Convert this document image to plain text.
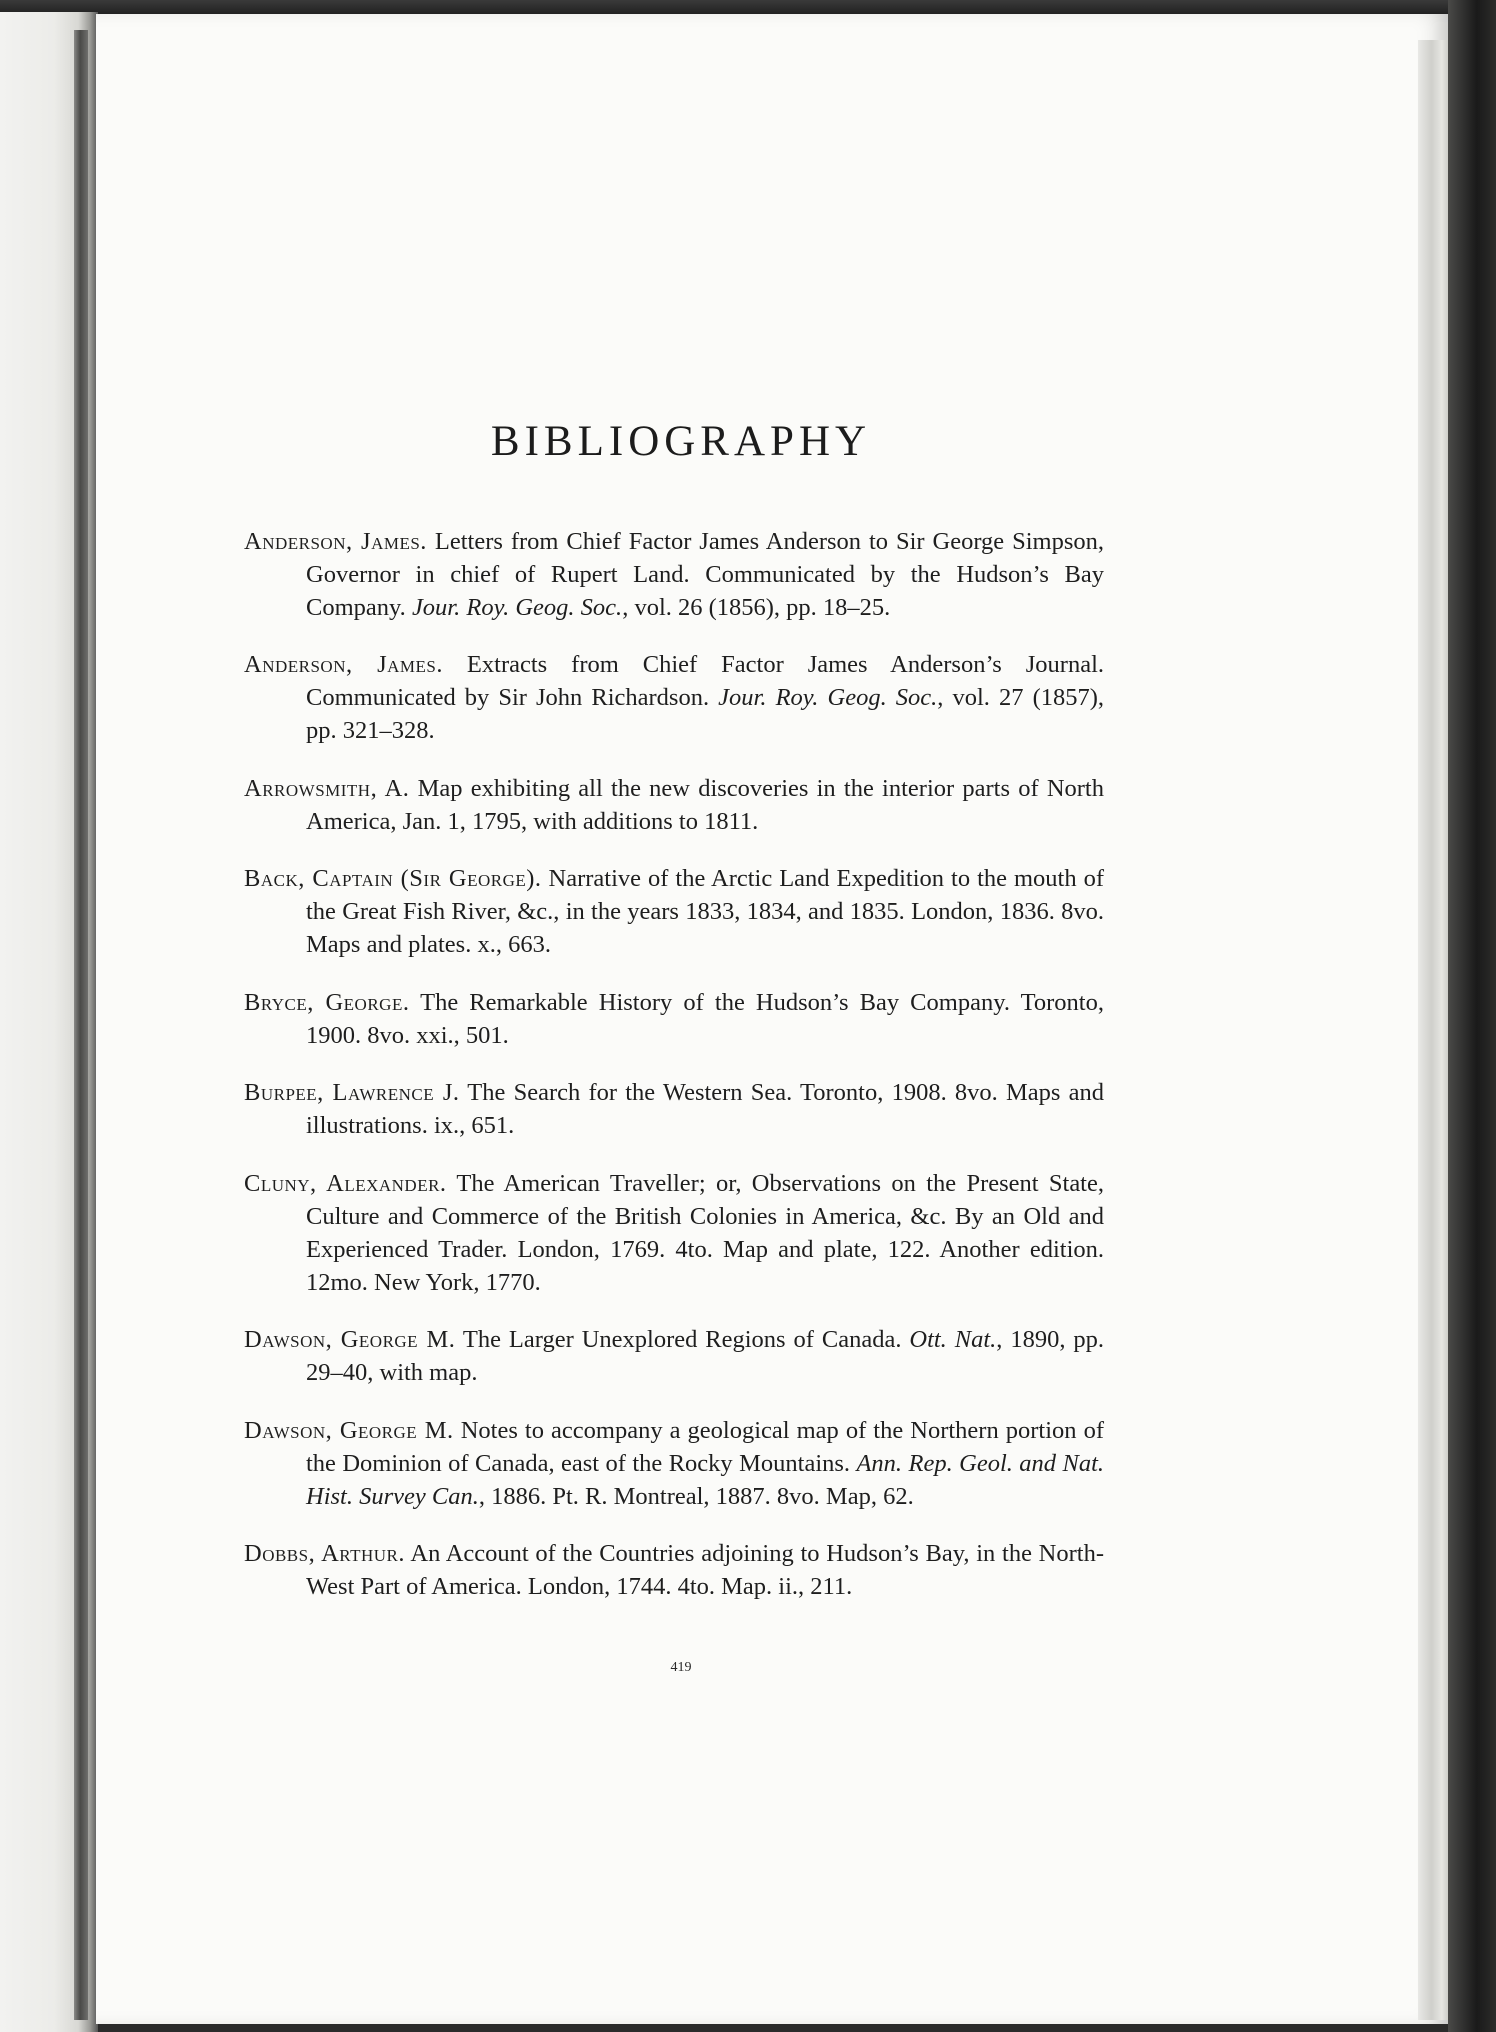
BIBLIOGRAPHY

Anderson, James. Letters from Chief Factor James Anderson to Sir George Simpson, Governor in chief of Rupert Land. Communicated by the Hudson’s Bay Company. Jour. Roy. Geog. Soc., vol. 26 (1856), pp. 18–25.

Anderson, James. Extracts from Chief Factor James Anderson’s Journal. Communicated by Sir John Richardson. Jour. Roy. Geog. Soc., vol. 27 (1857), pp. 321–328.

Arrowsmith, A. Map exhibiting all the new discoveries in the interior parts of North America, Jan. 1, 1795, with additions to 1811.

Back, Captain (Sir George). Narrative of the Arctic Land Expedition to the mouth of the Great Fish River, &c., in the years 1833, 1834, and 1835. London, 1836. 8vo. Maps and plates. x., 663.

Bryce, George. The Remarkable History of the Hudson’s Bay Company. Toronto, 1900. 8vo. xxi., 501.

Burpee, Lawrence J. The Search for the Western Sea. Toronto, 1908. 8vo. Maps and illustrations. ix., 651.

Cluny, Alexander. The American Traveller; or, Observations on the Present State, Culture and Commerce of the British Colonies in America, &c. By an Old and Experienced Trader. London, 1769. 4to. Map and plate, 122. Another edition. 12mo. New York, 1770.

Dawson, George M. The Larger Unexplored Regions of Canada. Ott. Nat., 1890, pp. 29–40, with map.

Dawson, George M. Notes to accompany a geological map of the Northern portion of the Dominion of Canada, east of the Rocky Mountains. Ann. Rep. Geol. and Nat. Hist. Survey Can., 1886. Pt. R. Montreal, 1887. 8vo. Map, 62.

Dobbs, Arthur. An Account of the Countries adjoining to Hudson’s Bay, in the North-West Part of America. London, 1744. 4to. Map. ii., 211.

419
